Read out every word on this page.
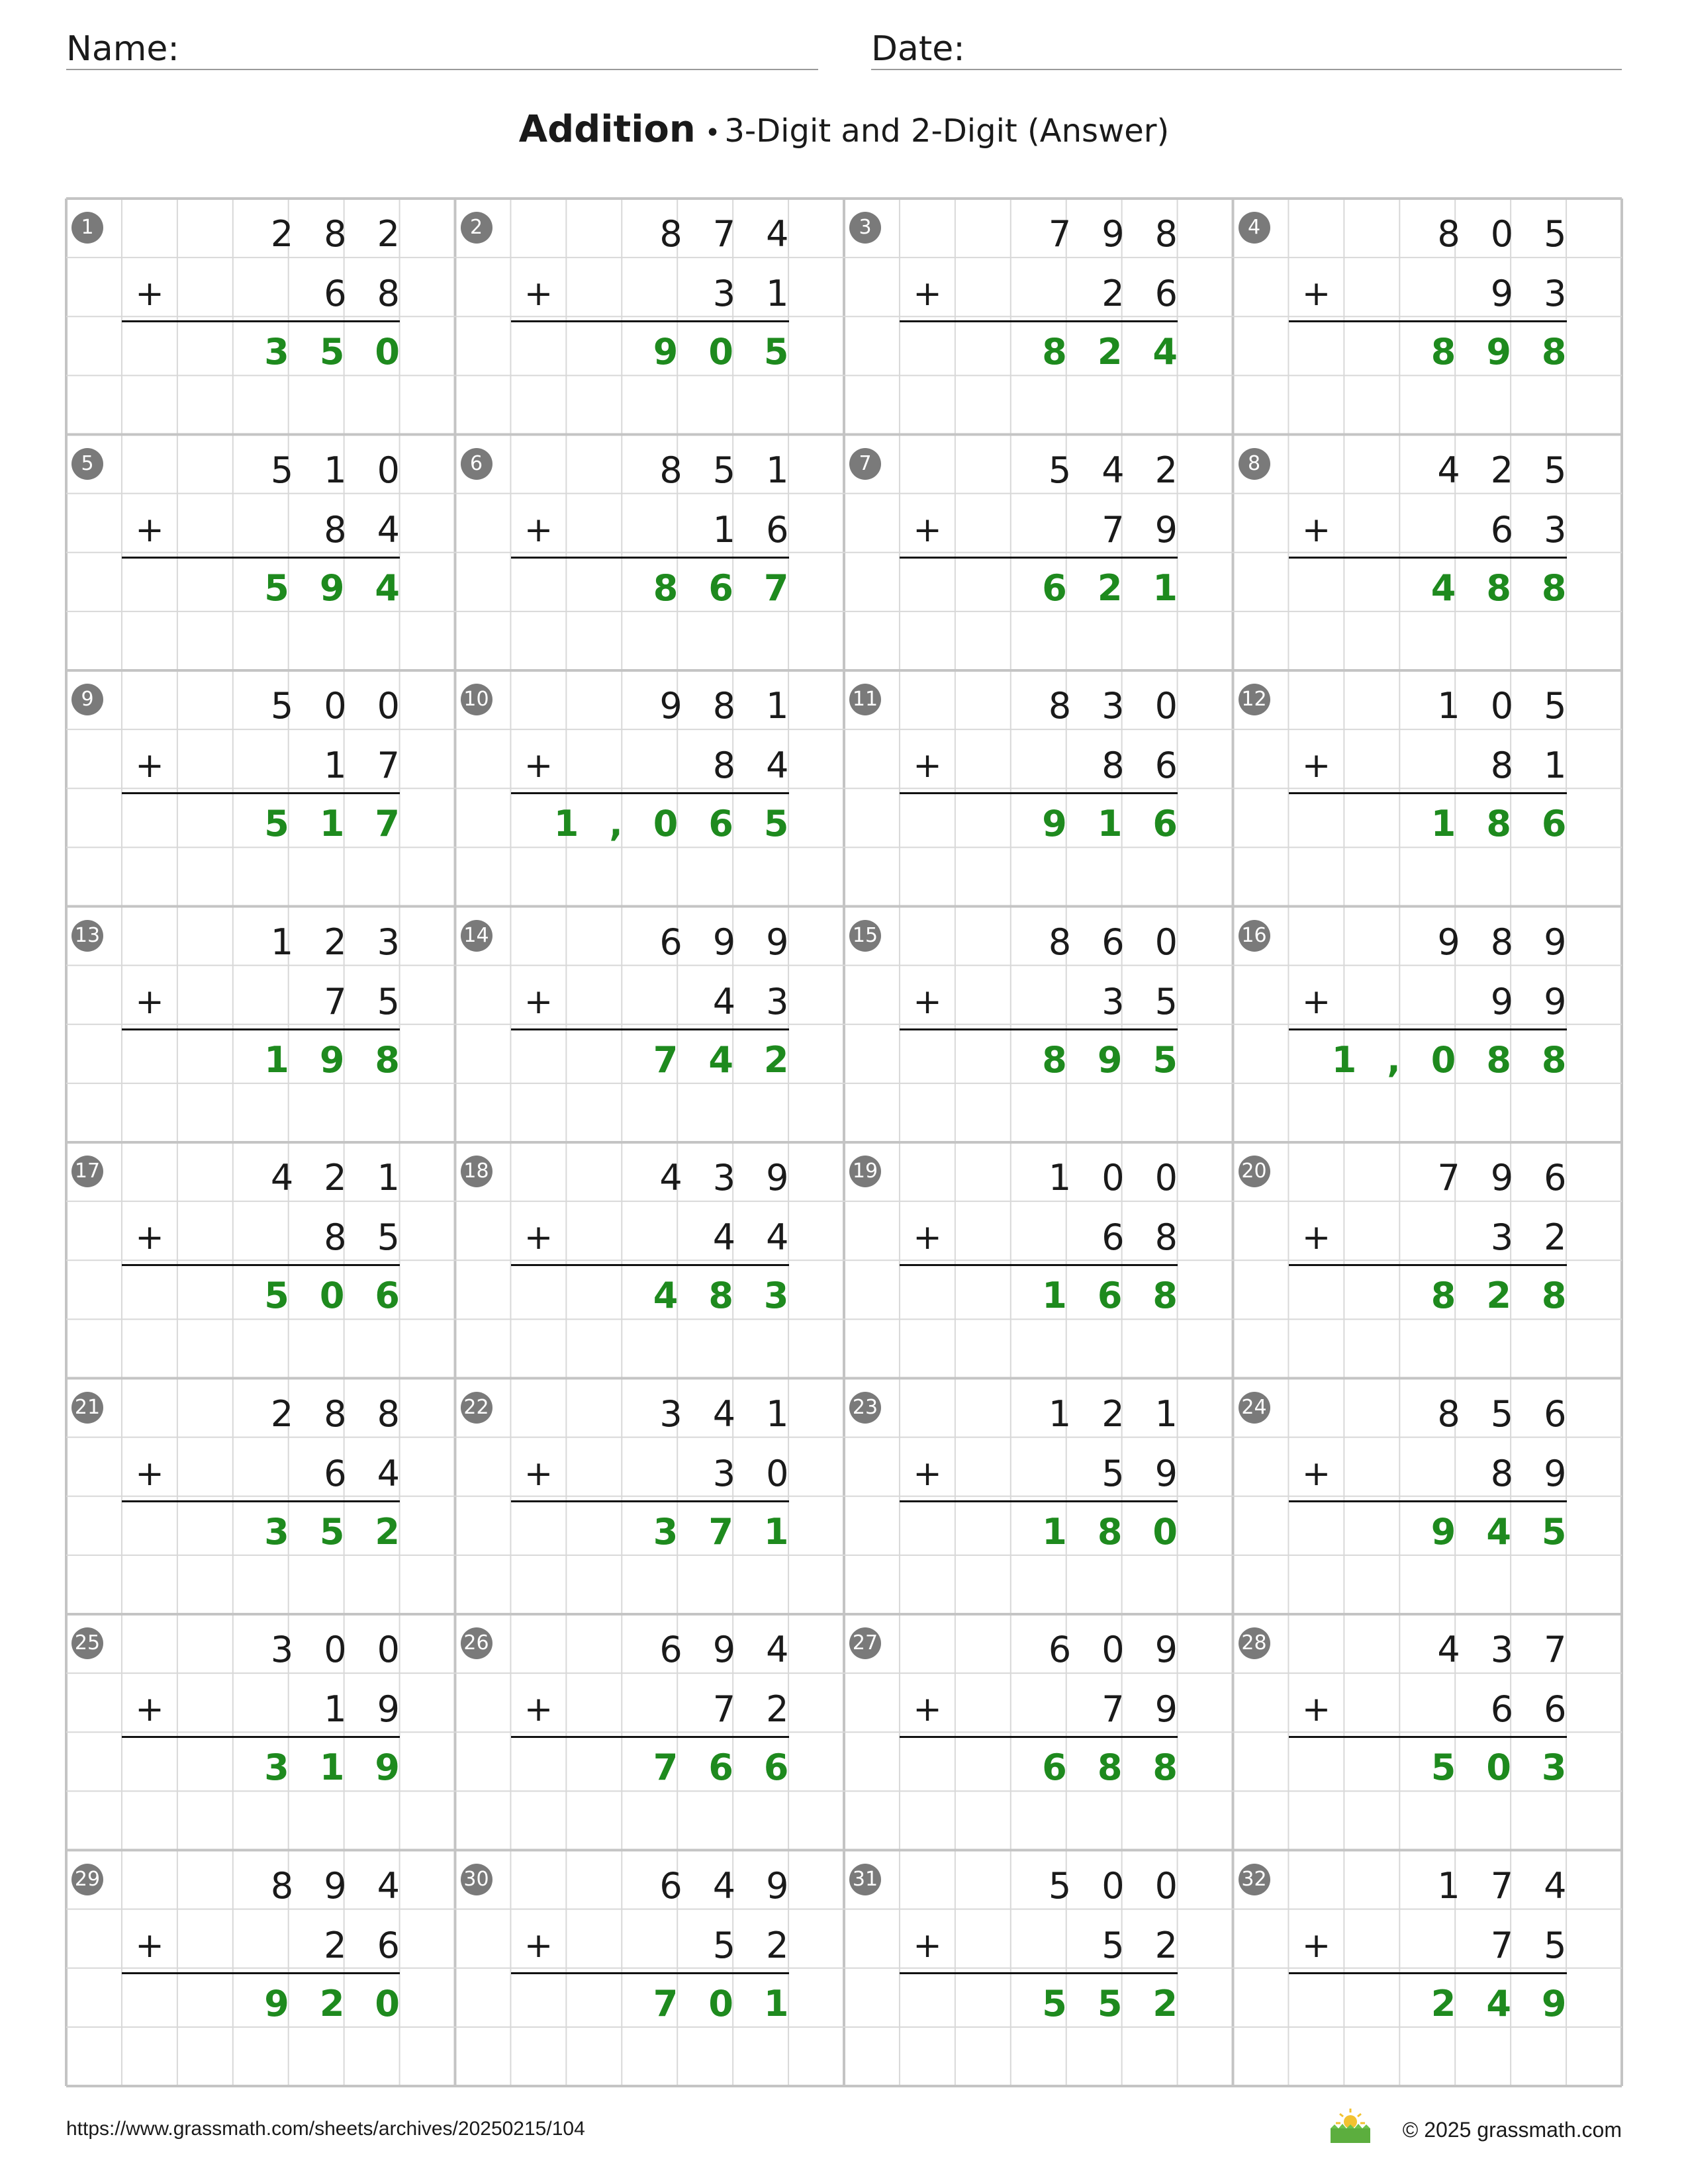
Name:	Date:
Addition • 3-Digit and 2-Digit (Answer)
1	282
+	68
350
2	874
+	31
905
3	798
+	26
824
4	805
+	93
898
5	510
+	84
594
6	851
+	16
867
7	542
+	79
621
8	425
+	63
488
9	500
+	17
517
10	981
+	84
1,065
11	830
+	86
916
12	105
+	81
186
13	123
+	75
198
14	699
+	43
742
15	860
+	35
895
16	989
+	99
1,088
17	421
+	85
506
18	439
+	44
483
19	100
+	68
168
20	796
+	32
828
21	288
+	64
352
22	341
+	30
371
23	121
+	59
180
24	856
+	89
945
25	300
+	19
319
26	694
+	72
766
27	609
+	79
688
28	437
+	66
503
29	894
+	26
920
30	649
+	52
701
31	500
+	52
552
32	174
+	75
249
https://www.grassmath.com/sheets/archives/20250215/104	© 2025 grassmath.com
